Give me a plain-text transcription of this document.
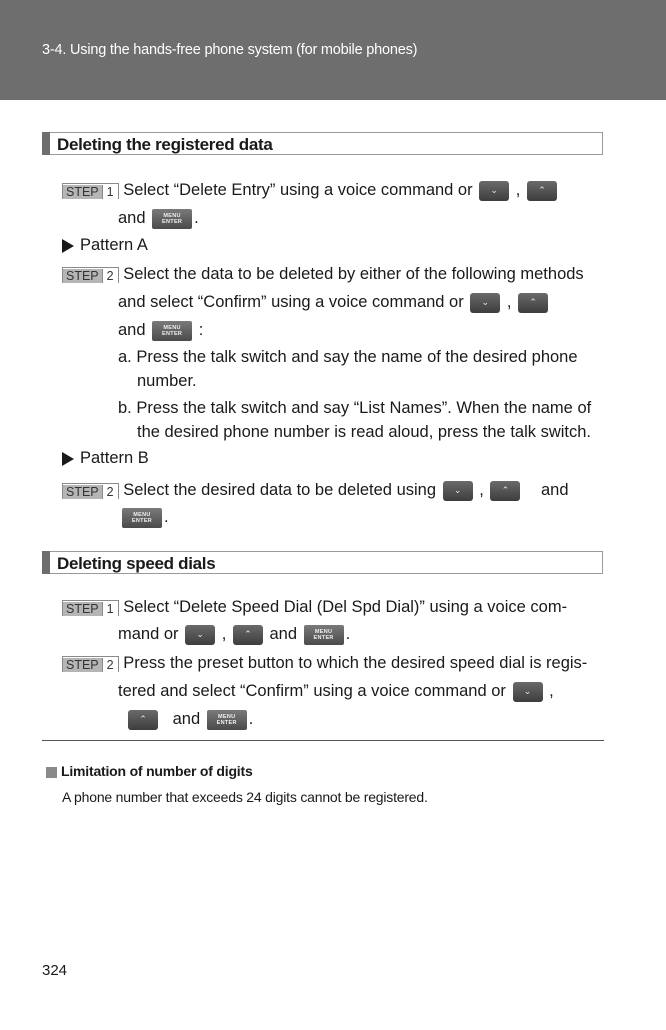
3-4. Using the hands-free phone system (for mobile phones)
Deleting the registered data
STEP 1 Select “Delete Entry” using a voice command or	⌄	,	⌃
and	MENU
ENTER .
Pattern A
STEP 2 Select the data to be deleted by either of the following methods
and select “Confirm” using a voice command or	⌄	,	⌃
and	MENU
ENTER	:
a. Press the talk switch and say the name of the desired phone
number.
b. Press the talk switch and say “List Names”. When the name of
the desired phone number is read aloud, press the talk switch.
Pattern B
STEP 2 Select the desired data to be deleted using	⌄	,	⌃	and
MENU
ENTER .
Deleting speed dials
STEP 1 Select “Delete Speed Dial (Del Spd Dial)” using a voice com-
mand or	⌄	,	⌃	and	MENU
ENTER .
STEP 2 Press the preset button to which the desired speed dial is regis-
tered and select “Confirm” using a voice command or	⌄	,
⌃	and	MENU
ENTER .
Limitation of number of digits
A phone number that exceeds 24 digits cannot be registered.
324
